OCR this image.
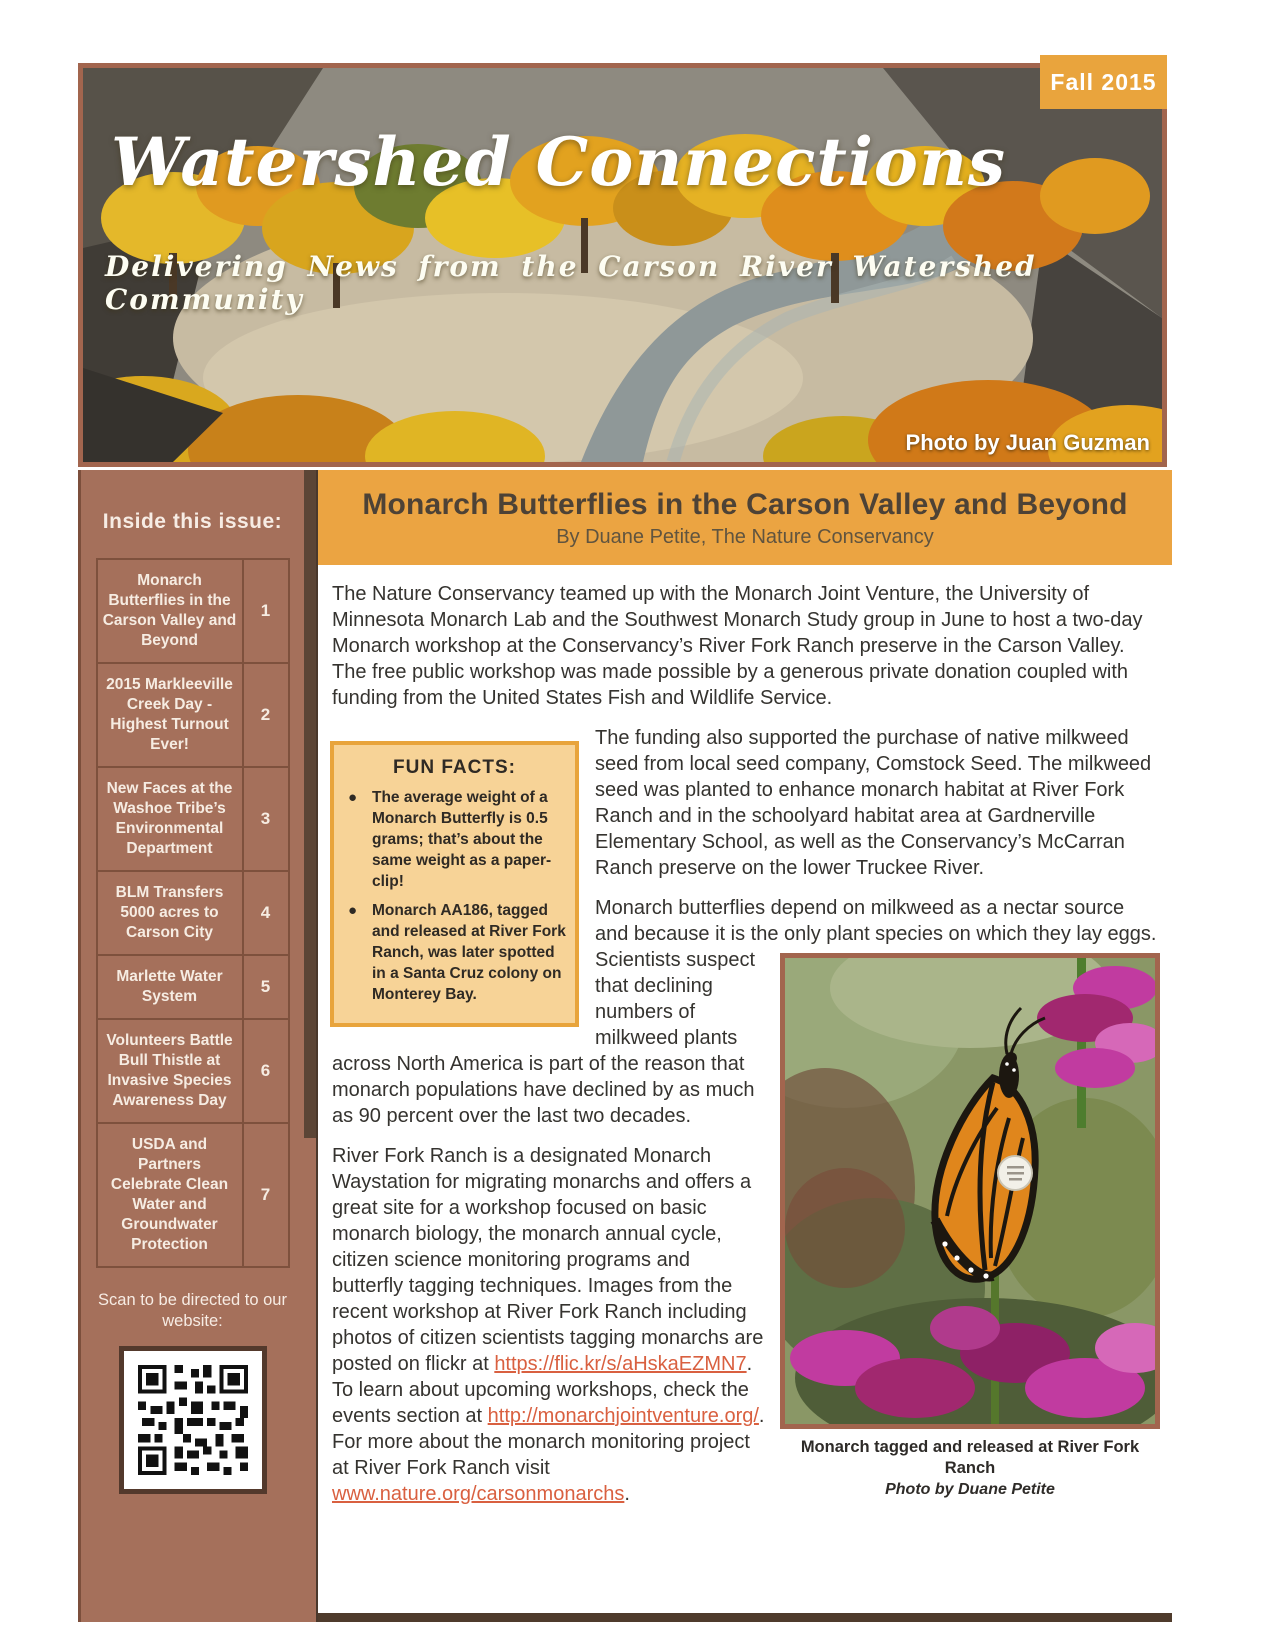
Fall 2015
Watershed Connections
Delivering News from the Carson River Watershed Community
Photo by Juan Guzman
Inside this issue:
Monarch Butterflies in the Carson Valley and Beyond
1
2015 Markleeville Creek Day - Highest Turnout Ever!
2
New Faces at the Washoe Tribe’s Environmental Department
3
BLM Transfers 5000 acres to Carson City
4
Marlette Water System
5
Volunteers Battle Bull Thistle at Invasive Species Awareness Day
6
USDA and Partners Celebrate Clean Water and Groundwater Protection
7
Scan to be directed to our website:
Monarch Butterflies in the Carson Valley and Beyond
By Duane Petite, The Nature Conservancy

The Nature Conservancy teamed up with the Monarch Joint Venture, the University of Minnesota Monarch Lab and the Southwest Monarch Study group in June to host a two-day Monarch workshop at the Conservancy’s River Fork Ranch preserve in the Carson Valley. The free public workshop was made possible by a generous private donation coupled with funding from the United States Fish and Wildlife Service.

FUN FACTS:
● The average weight of a Monarch Butterfly is 0.5 grams; that’s about the same weight as a paper-clip!
● Monarch AA186, tagged and released at River Fork Ranch, was later spotted in a Santa Cruz colony on Monterey Bay.

The funding also supported the purchase of native milkweed seed from local seed company, Comstock Seed. The milkweed seed was planted to enhance monarch habitat at River Fork Ranch and in the schoolyard habitat area at Gardnerville Elementary School, as well as the Conservancy’s McCarran Ranch preserve on the lower Truckee River.

Monarch butterflies depend on milkweed as a nectar source and because it is the only plant species on which they lay eggs.
Monarch tagged and released at River Fork Ranch
Photo by Duane Petite
Scientists suspect that declining numbers of milkweed plants across North America is part of the reason that monarch populations have declined by as much as 90 percent over the last two decades.

River Fork Ranch is a designated Monarch Waystation for migrating monarchs and offers a great site for a workshop focused on basic monarch biology, the monarch annual cycle, citizen science monitoring programs and butterfly tagging techniques. Images from the recent workshop at River Fork Ranch including photos of citizen scientists tagging monarchs are posted on flickr at https://flic.kr/s/aHskaEZMN7. To learn about upcoming workshops, check the events section at http://monarchjointventure.org/. For more about the monarch monitoring project at River Fork Ranch visit www.nature.org/carsonmonarchs.
